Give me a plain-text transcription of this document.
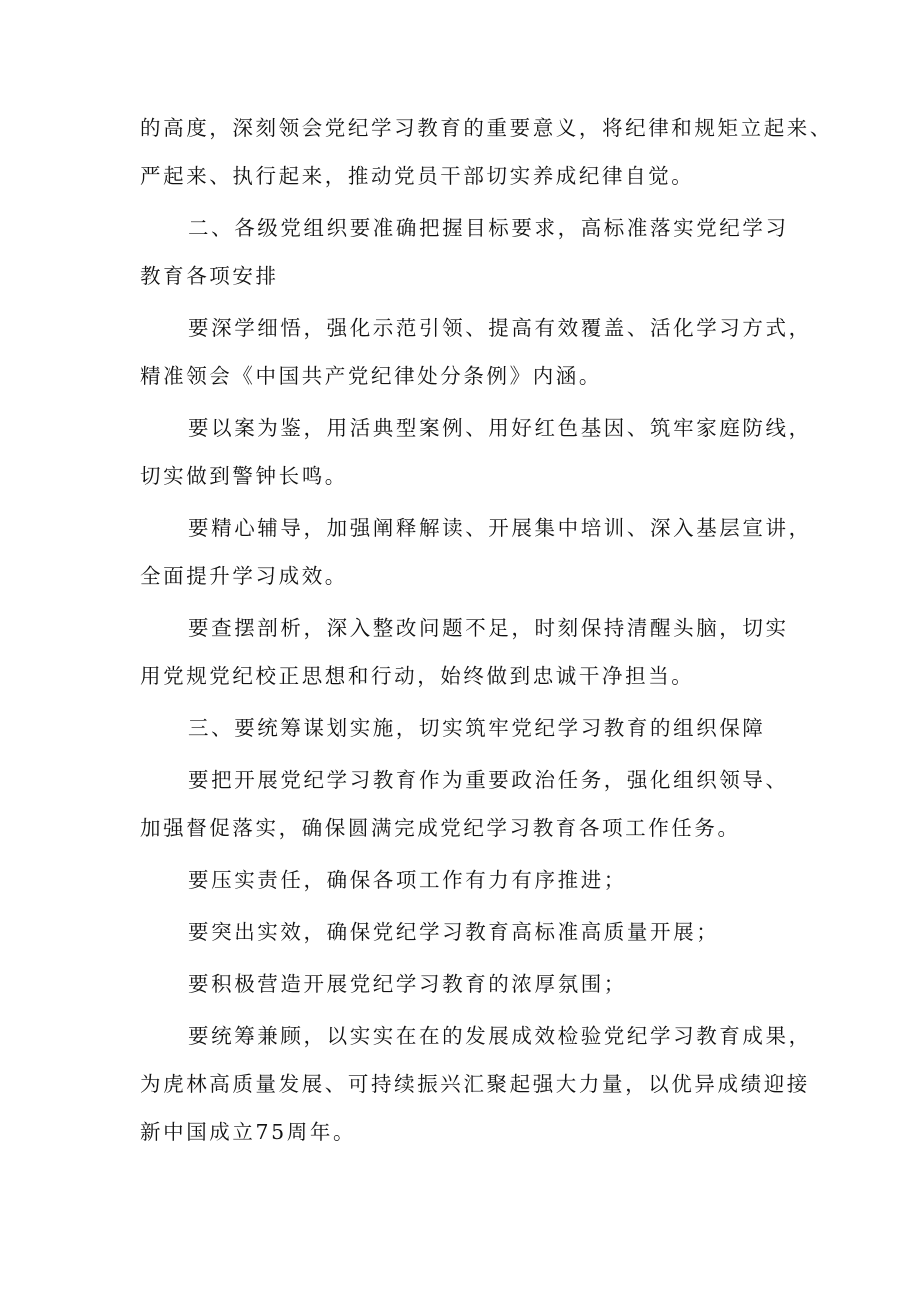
的高度，深刻领会党纪学习教育的重要意义，将纪律和规矩立起来、
严起来、执行起来，推动党员干部切实养成纪律自觉。
二、各级党组织要准确把握目标要求，高标准落实党纪学习
教育各项安排
要深学细悟，强化示范引领、提高有效覆盖、活化学习方式，
精准领会《中国共产党纪律处分条例》内涵。
要以案为鉴，用活典型案例、用好红色基因、筑牢家庭防线，
切实做到警钟长鸣。
要精心辅导，加强阐释解读、开展集中培训、深入基层宣讲，
全面提升学习成效。
要查摆剖析，深入整改问题不足，时刻保持清醒头脑，切实
用党规党纪校正思想和行动，始终做到忠诚干净担当。
三、要统筹谋划实施，切实筑牢党纪学习教育的组织保障
要把开展党纪学习教育作为重要政治任务，强化组织领导、
加强督促落实，确保圆满完成党纪学习教育各项工作任务。
要压实责任，确保各项工作有力有序推进；
要突出实效，确保党纪学习教育高标准高质量开展；
要积极营造开展党纪学习教育的浓厚氛围；
要统筹兼顾，以实实在在的发展成效检验党纪学习教育成果，
为虎林高质量发展、可持续振兴汇聚起强大力量，以优异成绩迎接
新中国成立75周年。
